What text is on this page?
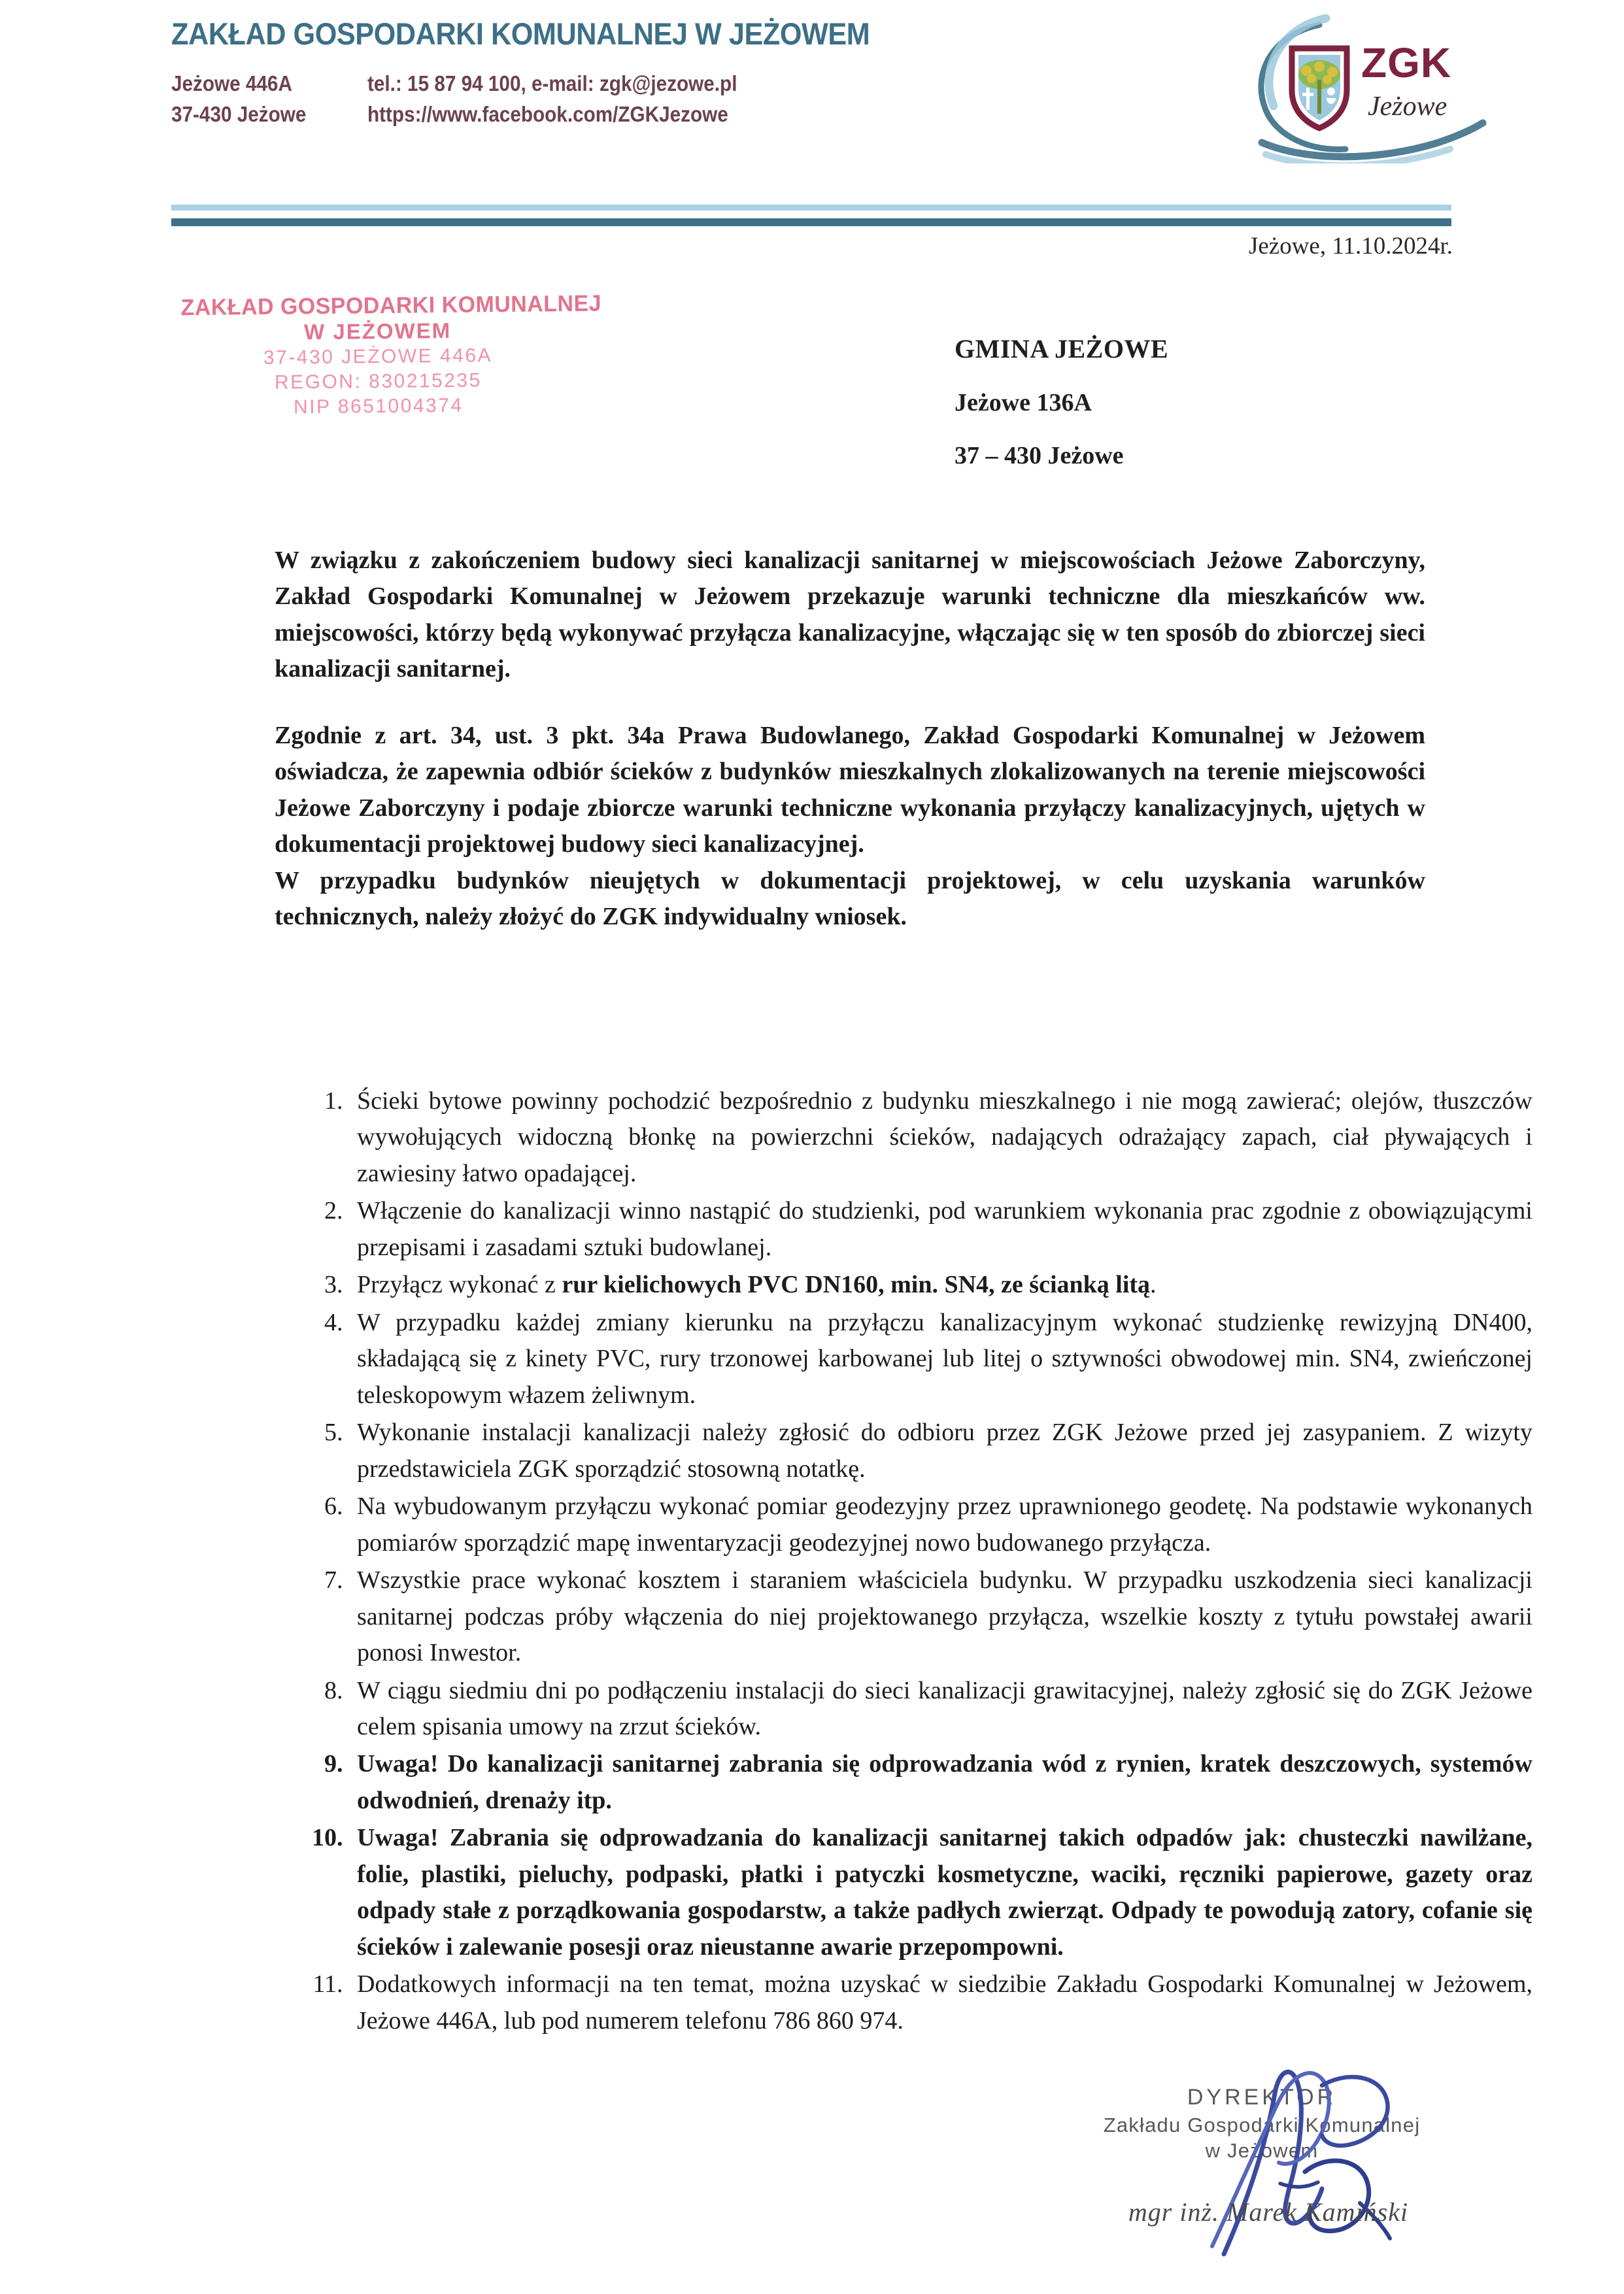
ZAKŁAD GOSPODARKI KOMUNALNEJ W JEŻOWEM
Jeżowe 446A
37-430 Jeżowe
tel.: 15 87 94 100, e-mail: zgk@jezowe.pl
https://www.facebook.com/ZGKJezowe
ZGK
Jeżowe
Jeżowe, 11.10.2024r.
ZAKŁAD GOSPODARKI KOMUNALNEJ
W JEŻOWEM
37-430 JEŻOWE 446A
REGON: 830215235
NIP 8651004374
GMINA JEŻOWE
Jeżowe 136A
37 – 430 Jeżowe

W związku z zakończeniem budowy sieci kanalizacji sanitarnej w miejscowościach Jeżowe Zaborczyny, Zakład Gospodarki Komunalnej w Jeżowem przekazuje warunki techniczne dla mieszkańców ww. miejscowości, którzy będą wykonywać przyłącza kanalizacyjne, włączając się w ten sposób do zbiorczej sieci kanalizacji sanitarnej.

Zgodnie z art. 34, ust. 3 pkt. 34a Prawa Budowlanego, Zakład Gospodarki Komunalnej w Jeżowem oświadcza, że zapewnia odbiór ścieków z budynków mieszkalnych zlokalizowanych na terenie miejscowości Jeżowe Zaborczyny i podaje zbiorcze warunki techniczne wykonania przyłączy kanalizacyjnych, ujętych w dokumentacji projektowej budowy sieci kanalizacyjnej.

W przypadku budynków nieujętych w dokumentacji projektowej, w celu uzyskania warunków technicznych, należy złożyć do ZGK indywidualny wniosek.

1. Ścieki bytowe powinny pochodzić bezpośrednio z budynku mieszkalnego i nie mogą zawierać; olejów, tłuszczów wywołujących widoczną błonkę na powierzchni ścieków, nadających odrażający zapach, ciał pływających i zawiesiny łatwo opadającej.
2. Włączenie do kanalizacji winno nastąpić do studzienki, pod warunkiem wykonania prac zgodnie z obowiązującymi przepisami i zasadami sztuki budowlanej.
3. Przyłącz wykonać z rur kielichowych PVC DN160, min. SN4, ze ścianką litą.
4. W przypadku każdej zmiany kierunku na przyłączu kanalizacyjnym wykonać studzienkę rewizyjną DN400, składającą się z kinety PVC, rury trzonowej karbowanej lub litej o sztywności obwodowej min. SN4, zwieńczonej teleskopowym włazem żeliwnym.
5. Wykonanie instalacji kanalizacji należy zgłosić do odbioru przez ZGK Jeżowe przed jej zasypaniem. Z wizyty przedstawiciela ZGK sporządzić stosowną notatkę.
6. Na wybudowanym przyłączu wykonać pomiar geodezyjny przez uprawnionego geodetę. Na podstawie wykonanych pomiarów sporządzić mapę inwentaryzacji geodezyjnej nowo budowanego przyłącza.
7. Wszystkie prace wykonać kosztem i staraniem właściciela budynku. W przypadku uszkodzenia sieci kanalizacji sanitarnej podczas próby włączenia do niej projektowanego przyłącza, wszelkie koszty z tytułu powstałej awarii ponosi Inwestor.
8. W ciągu siedmiu dni po podłączeniu instalacji do sieci kanalizacji grawitacyjnej, należy zgłosić się do ZGK Jeżowe celem spisania umowy na zrzut ścieków.
9. Uwaga! Do kanalizacji sanitarnej zabrania się odprowadzania wód z rynien, kratek deszczowych, systemów odwodnień, drenaży itp.
10. Uwaga! Zabrania się odprowadzania do kanalizacji sanitarnej takich odpadów jak: chusteczki nawilżane, folie, plastiki, pieluchy, podpaski, płatki i patyczki kosmetyczne, waciki, ręczniki papierowe, gazety oraz odpady stałe z porządkowania gospodarstw, a także padłych zwierząt. Odpady te powodują zatory, cofanie się ścieków i zalewanie posesji oraz nieustanne awarie przepompowni.
11. Dodatkowych informacji na ten temat, można uzyskać w siedzibie Zakładu Gospodarki Komunalnej w Jeżowem, Jeżowe 446A, lub pod numerem telefonu 786 860 974.
DYREKTOR
Zakładu Gospodarki Komunalnej
w Jeżowem
mgr inż. Marek Kamiński
